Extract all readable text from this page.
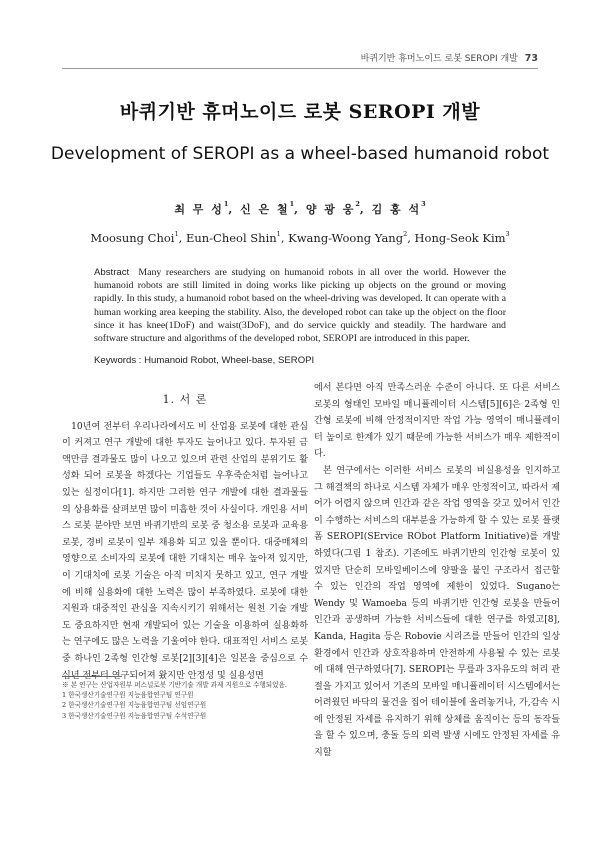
바퀴기반 휴머노이드 로봇 SEROPI 개발 73
바퀴기반 휴머노이드 로봇 SEROPI 개발
Development of SEROPI as a wheel-based humanoid robot
최 무 성$^1$, 신 은 철$^1$, 양 광 웅$^2$, 김 홍 석$^3$
Moosung Choi$^1$, Eun-Cheol Shin$^1$, Kwang-Woong Yang$^2$, Hong-Seok Kim$^3$
Abstract Many researchers are studying on humanoid robots in all over the world. However the humanoid robots are still limited in doing works like picking up objects on the ground or moving rapidly. In this study, a humanoid robot based on the wheel-driving was developed. It can operate with a human working area keeping the stability. Also, the developed robot can take up the object on the floor since it has knee(1DoF) and waist(3DoF), and do service quickly and steadily. The hardware and software structure and algorithms of the developed robot, SEROPI are introduced in this paper.
Keywords : Humanoid Robot, Wheel-base, SEROPI
1. 서 론

10년여 전부터 우리나라에서도 비 산업용 로봇에 대한 관심이 커져고 연구 개발에 대한 투자도 늘어나고 있다. 투자된 금액만큼 결과물도 많이 나오고 있으며 관련 산업의 분위기도 활성화 되어 로봇을 하겠다는 기업들도 우후죽순처럼 늘어나고 있는 실정이다[1]. 하지만 그러한 연구 개발에 대한 결과물들의 상용화를 살펴보면 많이 미흡한 것이 사실이다. 개인용 서비스 로봇 분야만 보면 바퀴기반의 로봇 중 청소용 로봇과 교육용 로봇, 경비 로봇이 일부 채용화 되고 있을 뿐이다. 대중매체의 영향으로 소비자의 로봇에 대한 기대치는 매우 높아져 있지만, 이 기대치에 로봇 기술은 아직 미치지 못하고 있고, 연구 개발에 비해 실용화에 대한 노력은 많이 부족하였다. 로봇에 대한 지원과 대중적인 관심을 지속시키기 위해서는 원천 기술 개발도 중요하지만 현재 개발되어 있는 기술을 이용하여 실용화하는 연구에도 많은 노력을 기울여야 한다. 대표적인 서비스 로봇 중 하나인 2족형 인간형 로봇[2][3][4]은 일본을 중심으로 수십년 전부터 연구되어져 왔지만 안정성 및 실용성면

에서 본다면 아직 만족스러운 수준이 아니다. 또 다른 서비스 로봇의 형태인 모바일 매니퓰레이터 시스템[5][6]은 2족형 인간형 로봇에 비해 안정적이지만 작업 가능 영역이 매니퓰레이터 높이로 한계가 있기 때문에 가능한 서비스가 매우 제한적이다.

본 연구에서는 이러한 서비스 로봇의 비실용성을 인지하고 그 해결책의 하나로 시스템 자체가 매우 안정적이고, 따라서 제어가 어렵지 않으며 인간과 같은 작업 영역을 갖고 있어서 인간이 수행하는 서비스의 대부분을 가능하게 할 수 있는 로봇 플랫폼 SEROPI(SErvice RObot Platform Initiative)를 개발하였다(그림 1 참조). 기존에도 바퀴기반의 인간형 로봇이 있었지만 단순히 모바일베이스에 양팔을 붙인 구조라서 접근할 수 있는 인간의 작업 영역에 제한이 있었다. Sugano는 Wendy 및 Wamoeba 등의 바퀴기반 인간형 로봇을 만들어 인간과 공생하며 가능한 서비스들에 대한 연구를 하였고[8], Kanda, Hagita 등은 Robovie 시리즈를 만들어 인간의 일상 환경에서 인간과 상호작용하며 안전하게 사용될 수 있는 로봇에 대해 연구하였다[7]. SEROPI는 무릎과 3자유도의 허리 관절을 가지고 있어서 기존의 모바일 매니퓰레이터 시스템에서는 어려웠던 바닥의 물건을 집어 테이블에 올려놓거나, 가,감속 시에 안정된 자세를 유지하기 위해 상체를 움직이는 등의 동작들을 할 수 있으며, 충돌 등의 외력 발생 시에도 안정된 자세를 유지할

※ 본 연구는 산업자원부 퍼스널로봇 기반기술 개발 과제 지원으로 수행되었음.
1 한국생산기술연구원 지능융합연구팀 연구원
2 한국생산기술연구원 지능융합연구팀 선임연구원
3 한국생산기술연구원 지능융합연구팀 수석연구원
